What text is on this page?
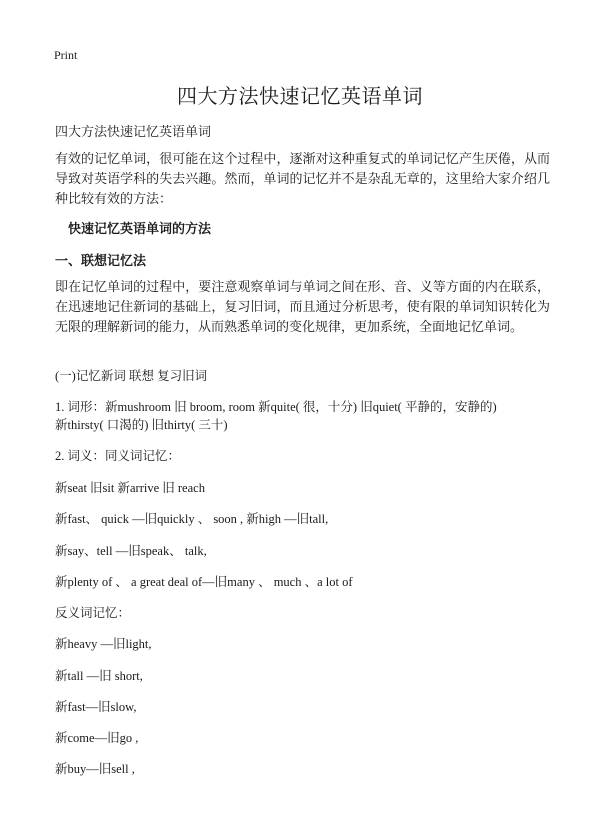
Print
四大方法快速记忆英语单词
四大方法快速记忆英语单词

有效的记忆单词，很可能在这个过程中，逐渐对这种重复式的单词记忆产生厌倦，从而导致对英语学科的失去兴趣。然而，单词的记忆并不是杂乱无章的，这里给大家介绍几种比较有效的方法：

快速记忆英语单词的方法
一、联想记忆法

即在记忆单词的过程中，要注意观察单词与单词之间在形、音、义等方面的内在联系，在迅速地记住新词的基础上，复习旧词，而且通过分析思考，使有限的单词知识转化为无限的理解新词的能力，从而熟悉单词的变化规律，更加系统，全面地记忆单词。

(一)记忆新词 联想 复习旧词
1. 词形：新mushroom 旧 broom, room 新quite( 很，十分) 旧quiet( 平静的，安静的)
新thirsty( 口渴的) 旧thirty( 三十)
2. 词义：同义词记忆：
新seat 旧sit 新arrive 旧 reach
新fast、 quick —旧quickly 、 soon , 新high —旧tall,
新say、tell —旧speak、 talk,
新plenty of 、 a great deal of—旧many 、 much 、a lot of
反义词记忆：
新heavy —旧light,
新tall —旧 short,
新fast—旧slow,
新come—旧go ,
新buy—旧sell ,
